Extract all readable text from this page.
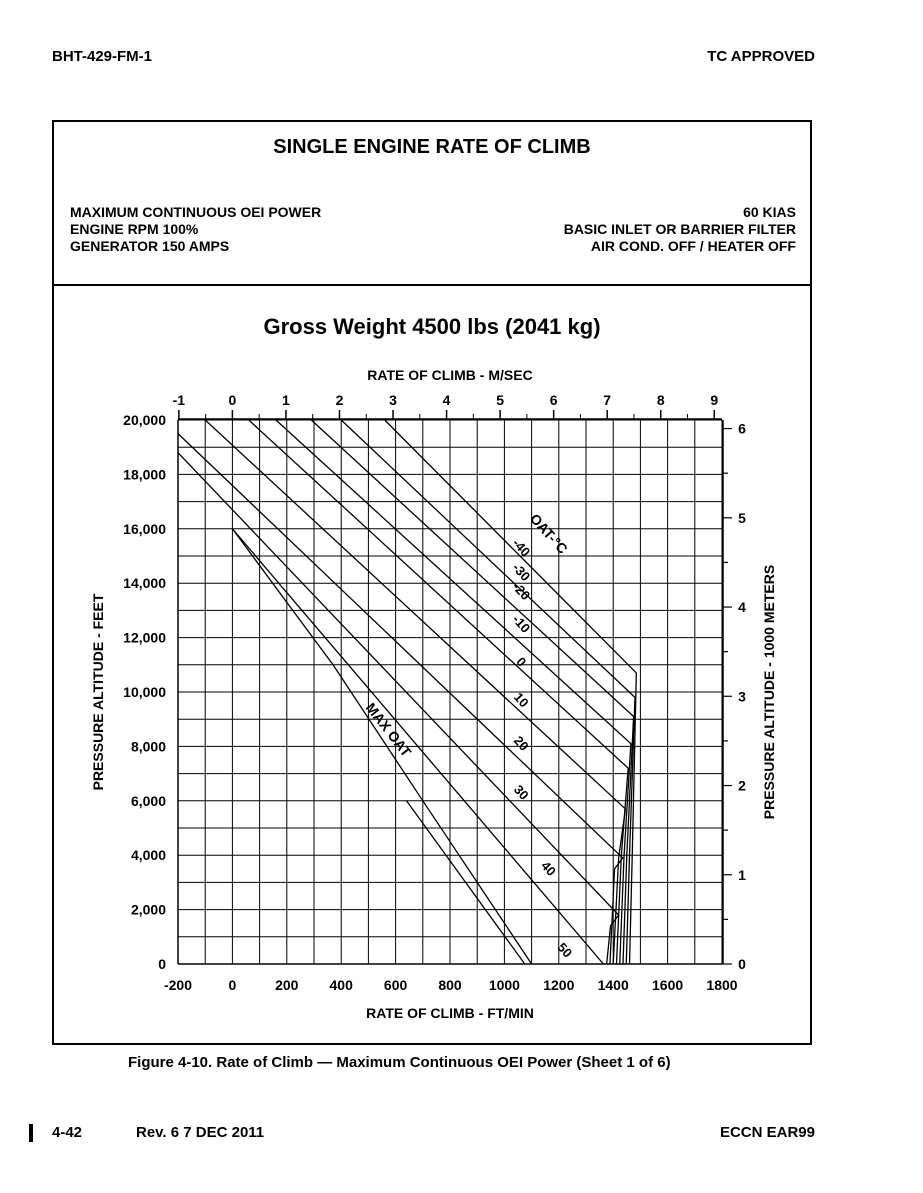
BHT-429-FM-1	TC APPROVED
SINGLE ENGINE RATE OF CLIMB
MAXIMUM CONTINUOUS OEI POWER
ENGINE RPM 100%
GENERATOR 150 AMPS
60 KIAS
BASIC INLET OR BARRIER FILTER
AIR COND. OFF / HEATER OFF
Gross Weight 4500 lbs (2041 kg)
RATE OF CLIMB - M/SEC
-200	0	200 400 600 800 1000 1200 1400 1600 1800
RATE OF CLIMB - FT/MIN
0
2,000
4,000
6,000
8,000
10,000
12,000
14,000
16,000
18,000
20,000
PRESSURE ALTITUDE - FEET
-1	0	1	2	3	4	5	6	7	8	9
0
1
2
3
4
5
6
PRESSURE ALTITUDE - 1000 METERS
-40
-30
-20
-10
0
10
20
30
40
50
OAT-°C
MAX OAT
Figure 4-10. Rate of Climb — Maximum Continuous OEI Power (Sheet 1 of 6)
4-42	Rev. 6 7 DEC 2011	ECCN EAR99
